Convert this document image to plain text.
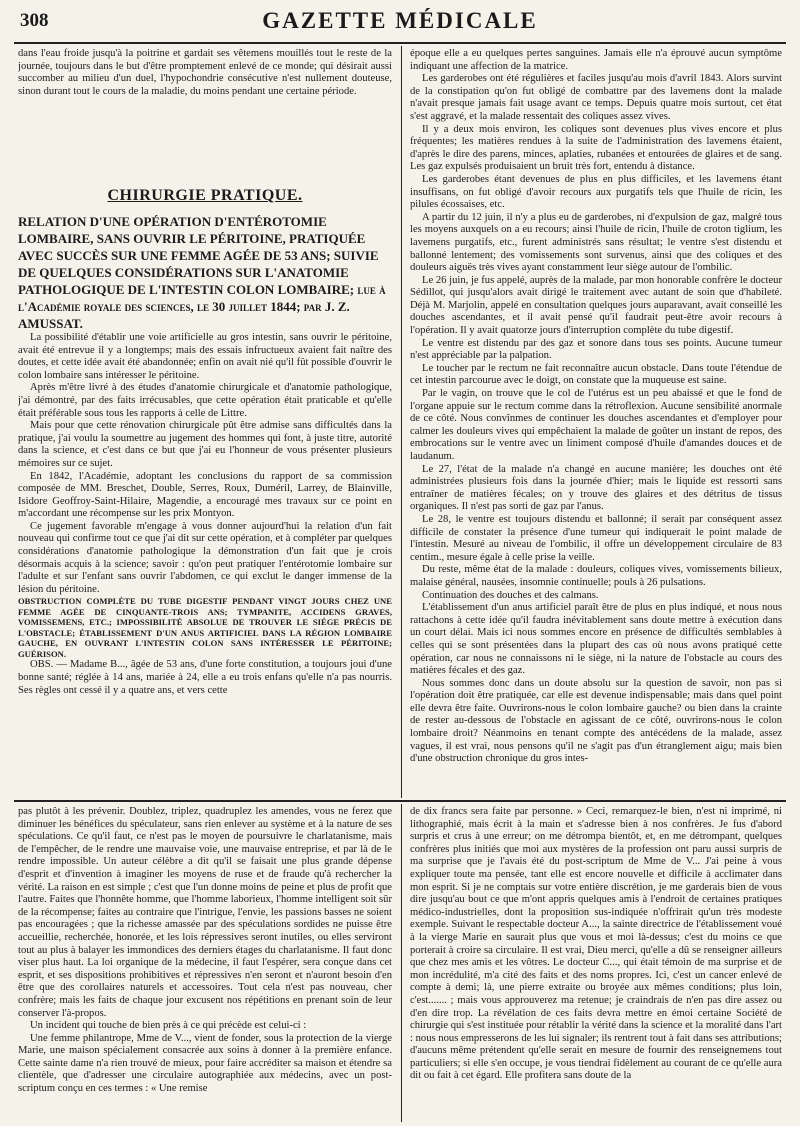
308	GAZETTE MÉDICALE

dans l'eau froide jusqu'à la poitrine et gardait ses vêtemens mouillés tout le reste de la journée, toujours dans le but d'être promptement enlevé de ce monde; qui désirait aussi succomber au milieu d'un duel, l'hypochondrie consécutive n'est nullement douteuse, sinon durant tout le cours de la maladie, du moins pendant une certaine période.

CHIRURGIE PRATIQUE.

RELATION D'UNE OPÉRATION D'ENTÉROTOMIE LOMBAIRE, SANS OUVRIR LE PÉRITOINE, PRATIQUÉE AVEC SUCCÈS SUR UNE FEMME AGÉE DE 53 ANS; SUIVIE DE QUELQUES CONSIDÉRATIONS SUR L'ANATOMIE PATHOLOGIQUE DE L'INTESTIN COLON LOMBAIRE; lue à l'Académie royale des sciences, le 30 juillet 1844; par J. Z. AMUSSAT.

La possibilité d'établir une voie artificielle au gros intestin, sans ouvrir le péritoine, avait été entrevue il y a longtemps; mais des essais infructueux avaient fait naître des doutes, et cette idée avait été abandonnée; enfin on avait nié qu'il fût possible d'ouvrir le colon lombaire sans intéresser le péritoine.

Après m'être livré à des études d'anatomie chirurgicale et d'anatomie pathologique, j'ai démontré, par des faits irrécusables, que cette opération était praticable et qu'elle était préférable sous tous les rapports à celle de Littre.

Mais pour que cette rénovation chirurgicale pût être admise sans difficultés dans la pratique, j'ai voulu la soumettre au jugement des hommes qui font, à juste titre, autorité dans la science, et c'est dans ce but que j'ai eu l'honneur de vous présenter plusieurs mémoires sur ce sujet.

En 1842, l'Académie, adoptant les conclusions du rapport de sa commission composée de MM. Breschet, Double, Serres, Roux, Duméril, Larrey, de Blainville, Isidore Geoffroy-Saint-Hilaire, Magendie, a encouragé mes travaux sur ce point en m'accordant une récompense sur les prix Montyon.

Ce jugement favorable m'engage à vous donner aujourd'hui la relation d'un fait nouveau qui confirme tout ce que j'ai dit sur cette opération, et à compléter par quelques considérations d'anatomie pathologique la démonstration d'un fait que je crois désormais acquis à la science; savoir : qu'on peut pratiquer l'entérotomie lombaire sur l'adulte et sur l'enfant sans ouvrir l'abdomen, ce qui exclut le danger immense de la lésion du péritoine.

OBSTRUCTION COMPLÈTE DU TUBE DIGESTIF PENDANT VINGT JOURS CHEZ UNE FEMME AGÉE DE CINQUANTE-TROIS ANS; TYMPANITE, ACCIDENS GRAVES, VOMISSEMENS, ETC.; IMPOSSIBILITÉ ABSOLUE DE TROUVER LE SIÉGE PRÉCIS DE L'OBSTACLE; ÉTABLISSEMENT D'UN ANUS ARTIFICIEL DANS LA RÉGION LOMBAIRE GAUCHE, EN OUVRANT L'INTESTIN COLON SANS INTÉRESSER LE PÉRITOINE; GUÉRISON.

OBS. — Madame B..., âgée de 53 ans, d'une forte constitution, a toujours joui d'une bonne santé; réglée à 14 ans, mariée à 24, elle a eu trois enfans qu'elle n'a pas nourris. Ses règles ont cessé il y a quatre ans, et vers cette

époque elle a eu quelques pertes sanguines. Jamais elle n'a éprouvé aucun symptôme indiquant une affection de la matrice.

Les garderobes ont été régulières et faciles jusqu'au mois d'avril 1843. Alors survint de la constipation qu'on fut obligé de combattre par des lavemens dont la malade n'avait presque jamais fait usage avant ce temps. Depuis quatre mois surtout, cet état s'est aggravé, et la malade ressentait des coliques assez vives.

Il y a deux mois environ, les coliques sont devenues plus vives encore et plus fréquentes; les matières rendues à la suite de l'administration des lavemens étaient, d'après le dire des parens, minces, aplaties, rubanées et entourées de glaires et de sang. Les gaz expulsés produisaient un bruit très fort, entendu à distance.

Les garderobes étant devenues de plus en plus difficiles, et les lavemens étant insuffisans, on fut obligé d'avoir recours aux purgatifs tels que l'huile de ricin, les pilules écossaises, etc.

A partir du 12 juin, il n'y a plus eu de garderobes, ni d'expulsion de gaz, malgré tous les moyens auxquels on a eu recours; ainsi l'huile de ricin, l'huile de croton tiglium, les lavemens purgatifs, etc., furent administrés sans résultat; le ventre s'est distendu et ballonné lentement; des vomissements sont survenus, ainsi que des coliques et des douleurs aiguës très vives ayant constamment leur siège autour de l'ombilic.

Le 26 juin, je fus appelé, auprès de la malade, par mon honorable confrère le docteur Sédillot, qui jusqu'alors avait dirigé le traitement avec autant de soin que d'habileté. Déjà M. Marjolin, appelé en consultation quelques jours auparavant, avait conseillé les douches ascendantes, et il avait pensé qu'il faudrait peut-être avoir recours à l'opération. Il y avait quatorze jours d'interruption complète du tube digestif.

Le ventre est distendu par des gaz et sonore dans tous ses points. Aucune tumeur n'est appréciable par la palpation.

Le toucher par le rectum ne fait reconnaître aucun obstacle. Dans toute l'étendue de cet intestin parcourue avec le doigt, on constate que la muqueuse est saine.

Par le vagin, on trouve que le col de l'utérus est un peu abaissé et que le fond de l'organe appuie sur le rectum comme dans la rétroflexion. Aucune sensibilité anormale de ce côté. Nous convînmes de continuer les douches ascendantes et d'employer pour calmer les douleurs vives qui empêchaient la malade de goûter un instant de repos, des embrocations sur le ventre avec un liniment composé d'huile d'amandes douces et de laudanum.

Le 27, l'état de la malade n'a changé en aucune manière; les douches ont été administrées plusieurs fois dans la journée d'hier; mais le liquide est ressorti sans entraîner de matières fécales; on y trouve des glaires et des détritus de tissus organiques. Il n'est pas sorti de gaz par l'anus.

Le 28, le ventre est toujours distendu et ballonné; il serait par conséquent assez difficile de constater la présence d'une tumeur qui indiquerait le point malade de l'intestin. Mesuré au niveau de l'ombilic, il offre un développement circulaire de 83 centim., mesure égale à celle prise la veille.

Du reste, même état de la malade : douleurs, coliques vives, vomissements bilieux, malaise général, nausées, insomnie continuelle; pouls à 26 pulsations.

Continuation des douches et des calmans.

L'établissement d'un anus artificiel paraît être de plus en plus indiqué, et nous nous rattachons à cette idée qu'il faudra inévitablement sans doute mettre à exécution dans un court délai. Mais ici nous sommes encore en présence de difficultés semblables à celles qui se sont présentées dans la plupart des cas où nous avons pratiqué cette opération, car nous ne connaissons ni le siège, ni la nature de l'obstacle au cours des matières fécales et des gaz.

Nous sommes donc dans un doute absolu sur la question de savoir, non pas si l'opération doit être pratiquée, car elle est devenue indispensable; mais dans quel point elle devra être faite. Ouvrirons-nous le colon lombaire gauche? ou bien dans la crainte de rester au-dessous de l'obstacle en agissant de ce côté, ouvrirons-nous le colon lombaire droit? Néanmoins en tenant compte des antécédens de la malade, assez vagues, il est vrai, nous pensons qu'il ne s'agit pas d'un étranglement aigu; mais bien d'une obstruction chronique du gros intes-

pas plutôt à les prévenir. Doublez, triplez, quadruplez les amendes, vous ne ferez que diminuer les bénéfices du spéculateur, sans rien enlever au système et à la nature de ses spéculations. Ce qu'il faut, ce n'est pas le moyen de poursuivre le charlatanisme, mais de l'empêcher, de le rendre une mauvaise voie, une mauvaise entreprise, et par là de le rendre impossible. Un auteur célèbre a dit qu'il se faisait une plus grande dépense d'esprit et d'invention à imaginer les moyens de ruse et de fraude qu'à rechercher la vérité. La raison en est simple ; c'est que l'un donne moins de peine et plus de profit que l'autre. Faites que l'honnête homme, que l'homme laborieux, l'homme intelligent soit sûr de la récompense; faites au contraire que l'intrigue, l'envie, les passions basses ne soient pas encouragées ; que la richesse amassée par des spéculations sordides ne puisse être accueillie, recherchée, honorée, et les lois répressives seront inutiles, ou elles serviront tout au plus à balayer les immondices des derniers étages du charlatanisme. Il faut donc viser plus haut. La loi organique de la médecine, il faut l'espérer, sera conçue dans cet esprit, et ses dispositions prohibitives et répressives n'en seront et n'auront besoin d'en être que des corollaires naturels et accessoires. Tout cela n'est pas nouveau, cher confrère; mais les faits de chaque jour excusent nos répétitions en prenant soin de leur conserver l'à-propos.

Un incident qui touche de bien près à ce qui précède est celui-ci :

Une femme philantrope, Mme de V..., vient de fonder, sous la protection de la vierge Marie, une maison spécialement consacrée aux soins à donner à la première enfance. Cette sainte dame n'a rien trouvé de mieux, pour faire accréditer sa maison et étendre sa clientèle, que d'adresser une circulaire autographiée aux médecins, avec un post-scriptum conçu en ces termes : « Une remise

de dix francs sera faite par personne. » Ceci, remarquez-le bien, n'est ni imprimé, ni lithographié, mais écrit à la main et s'adresse bien à nos confrères. Je fus d'abord surpris et crus à une erreur; on me détrompa bientôt, et, en me détrompant, quelques confrères plus initiés que moi aux mystères de la profession ont paru aussi surpris de ma surprise que je l'avais été du post-scriptum de Mme de V... J'ai peine à vous expliquer toute ma pensée, tant elle est encore nouvelle et difficile à acclimater dans mon esprit. Si je ne comptais sur votre entière discrétion, je me garderais bien de vous dire jusqu'au bout ce que m'ont appris quelques amis à l'endroit de certaines pratiques médico-industrielles, dont la proposition sus-indiquée n'offrirait qu'un très modeste exemple. Suivant le respectable docteur A..., la sainte directrice de l'établissement voué à la vierge Marie en saurait plus que vous et moi là-dessus; c'est du moins ce que porterait à croire sa circulaire. Il est vrai, Dieu merci, qu'elle a dû se renseigner ailleurs que chez mes amis et les vôtres. Le docteur C..., qui était témoin de ma surprise et de mon incrédulité, m'a cité des faits et des noms propres. Ici, c'est un cancer enlevé de compte à demi; là, une pierre extraite ou broyée aux mêmes conditions; plus loin, c'est....... ; mais vous approuverez ma retenue; je craindrais de n'en pas dire assez ou d'en dire trop. La révélation de ces faits devra mettre en émoi certaine Société de chirurgie qui s'est instituée pour rétablir la vérité dans la science et la moralité dans l'art : nous nous empresserons de les lui signaler; ils rentrent tout à fait dans ses attributions; d'aucuns même prétendent qu'elle serait en mesure de fournir des renseignemens tout particuliers; si elle s'en occupe, je vous tiendrai fidèlement au courant de ce qu'elle aura dit ou fait à cet égard. Elle profitera sans doute de la
